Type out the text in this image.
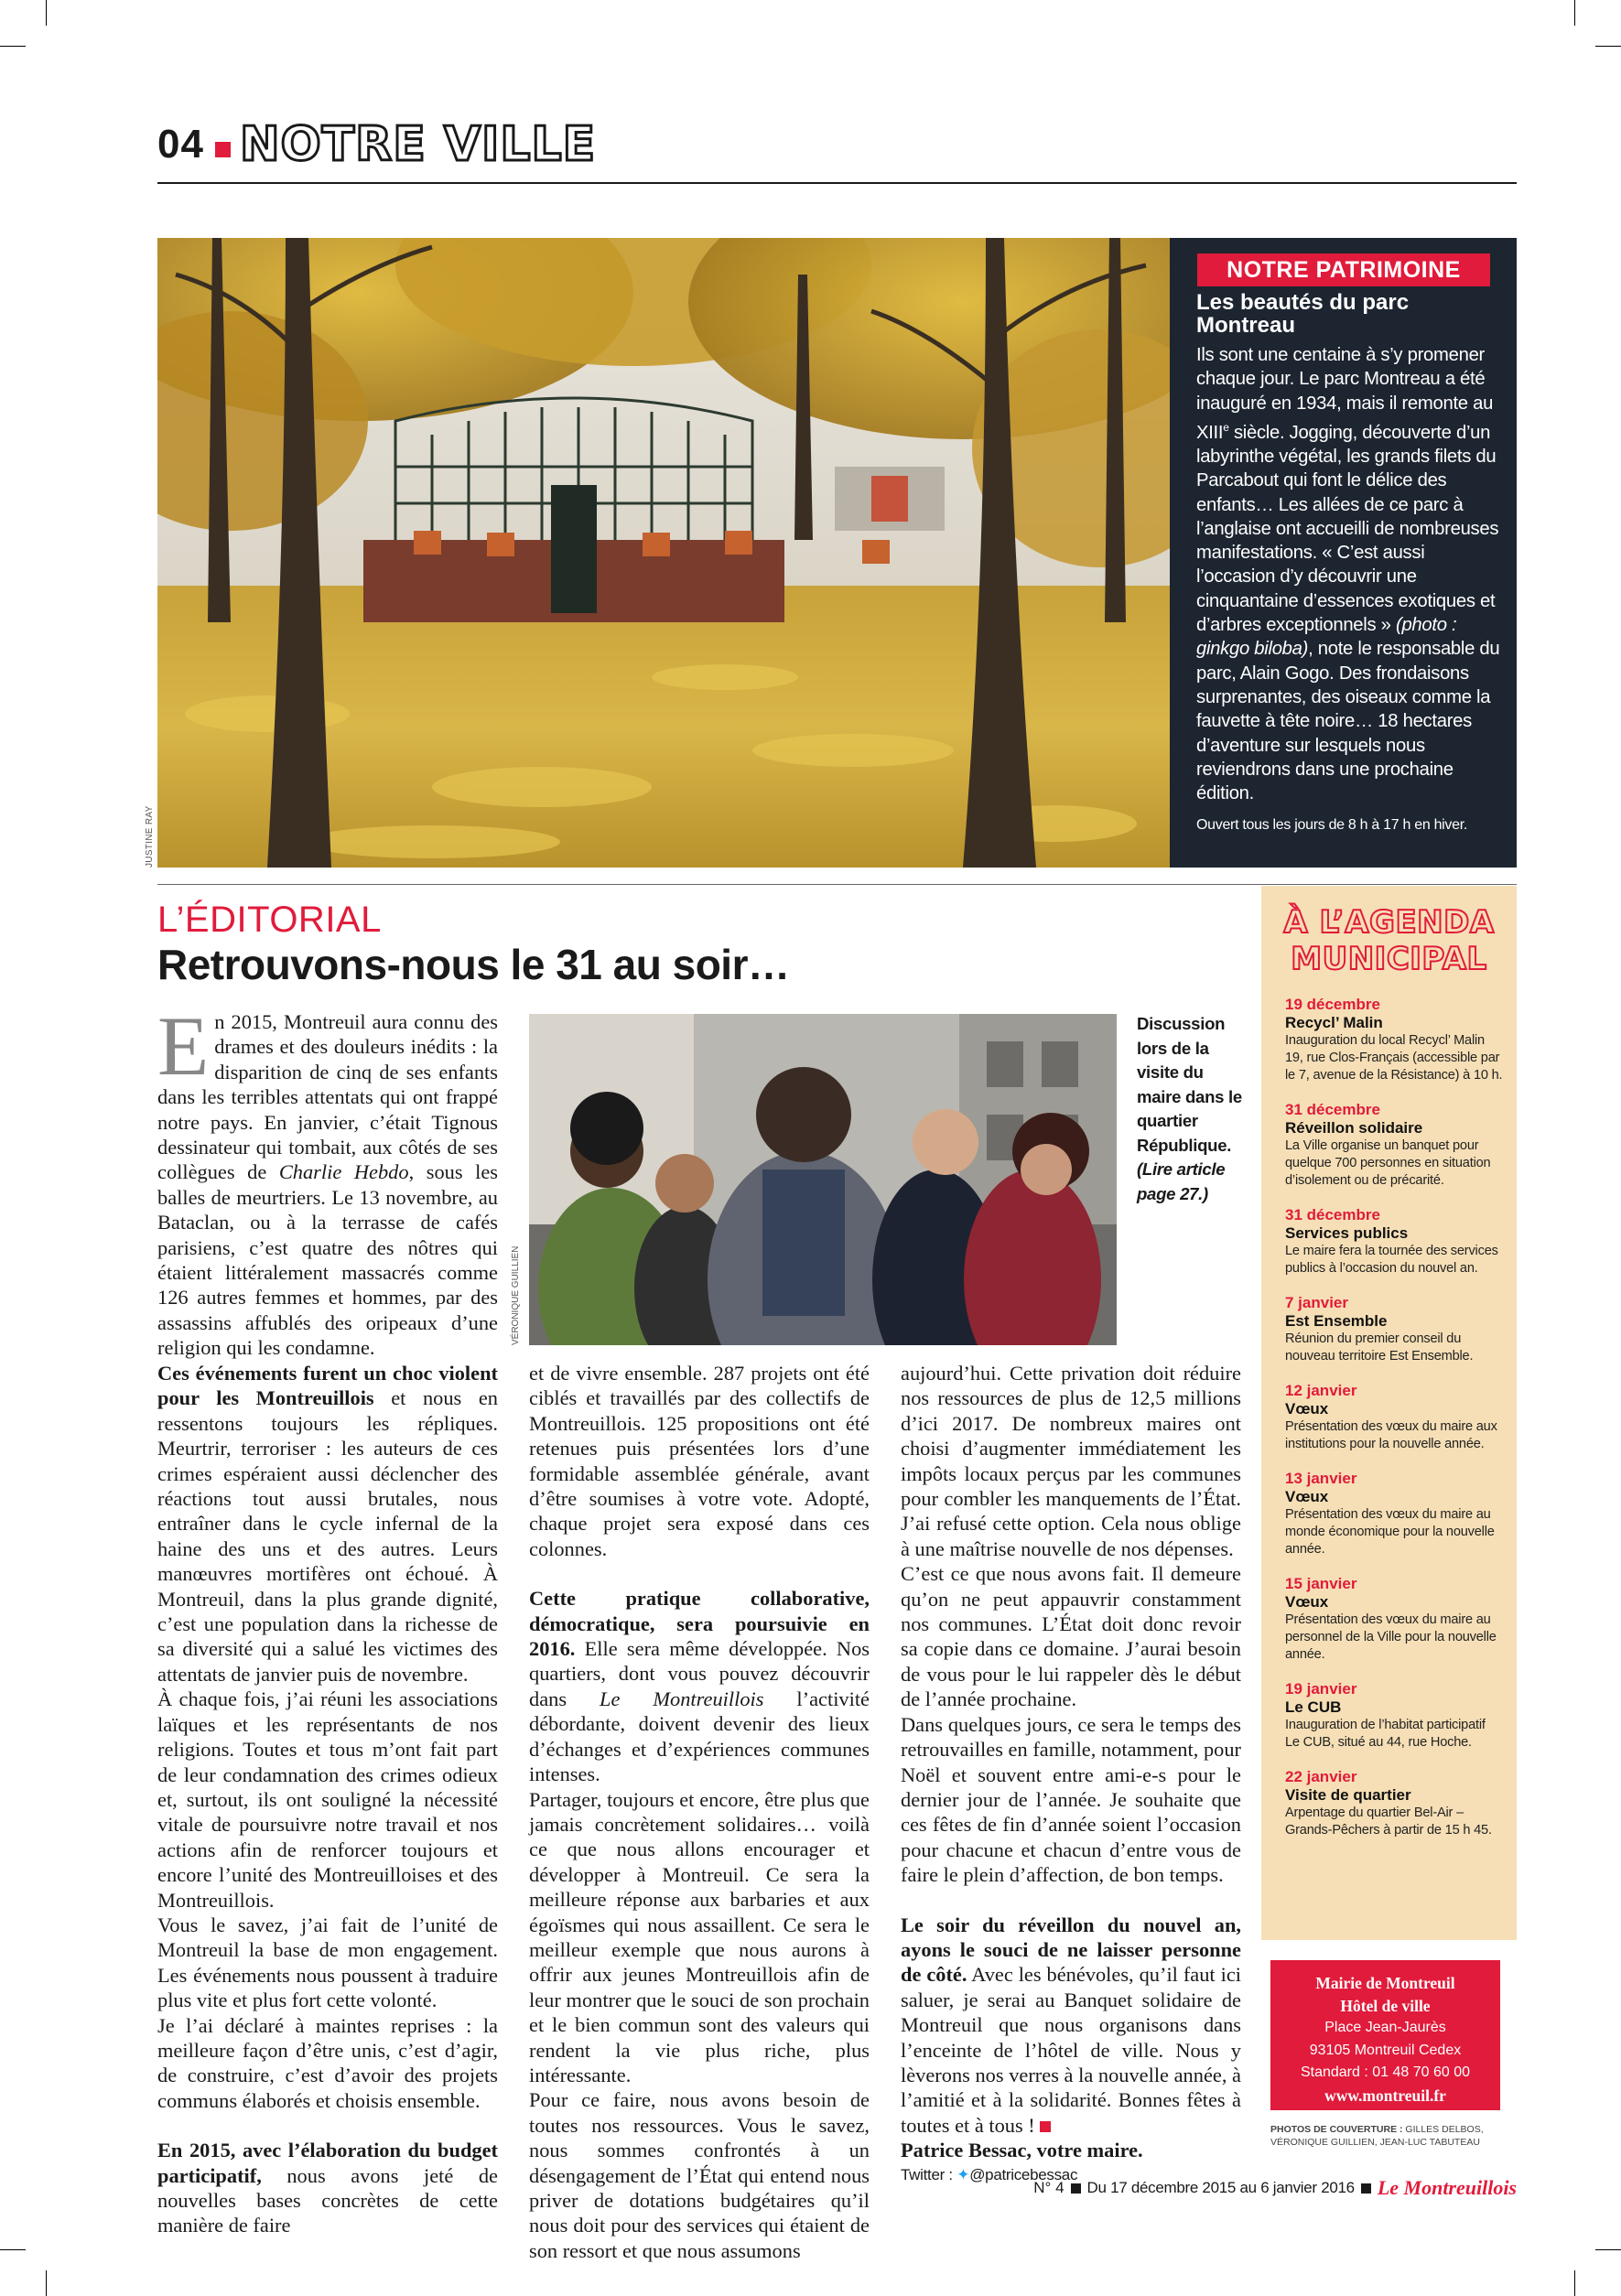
04 NOTRE VILLE
JUSTINE RAY
NOTRE PATRIMOINE
Les beautés du parc Montreau
Ils sont une centaine à s’y promener chaque jour. Le parc Montreau a été inauguré en 1934, mais il remonte au XIIIe siècle. Jogging, découverte d’un labyrinthe végétal, les grands filets du Parcabout qui font le délice des enfants… Les allées de ce parc à l’anglaise ont accueilli de nombreuses manifestations. « C’est aussi l’occasion d’y découvrir une cinquantaine d’essences exotiques et d’arbres exceptionnels » (photo : ginkgo biloba), note le responsable du parc, Alain Gogo. Des frondaisons surprenantes, des oiseaux comme la fauvette à tête noire… 18 hectares d’aventure sur lesquels nous reviendrons dans une prochaine édition.
Ouvert tous les jours de 8 h à 17 h en hiver.
L’ÉDITORIAL
Retrouvons-nous le 31 au soir…
VÉRONIQUE GUILLIEN
Discussion lors de la visite du maire dans le quartier République. (Lire article page 27.)

En 2015, Montreuil aura connu des drames et des douleurs inédits : la disparition de cinq de ses enfants dans les terribles attentats qui ont frappé notre pays. En janvier, c’était Tignous dessinateur qui tombait, aux côtés de ses collègues de Charlie Hebdo, sous les balles de meurtriers. Le 13 novembre, au Bataclan, ou à la terrasse de cafés parisiens, c’est quatre des nôtres qui étaient littéralement massacrés comme 126 autres femmes et hommes, par des assassins affublés des oripeaux d’une religion qui les condamne.

Ces événements furent un choc violent pour les Montreuillois et nous en ressentons toujours les répliques. Meurtrir, terroriser : les auteurs de ces crimes espéraient aussi déclencher des réactions tout aussi brutales, nous entraîner dans le cycle infernal de la haine des uns et des autres. Leurs manœuvres mortifères ont échoué. À Montreuil, dans la plus grande dignité, c’est une population dans la richesse de sa diversité qui a salué les victimes des attentats de janvier puis de novembre.

À chaque fois, j’ai réuni les associations laïques et les représentants de nos religions. Toutes et tous m’ont fait part de leur condamnation des crimes odieux et, surtout, ils ont souligné la nécessité vitale de poursuivre notre travail et nos actions afin de renforcer toujours et encore l’unité des Montreuilloises et des Montreuillois.

Vous le savez, j’ai fait de l’unité de Montreuil la base de mon engagement. Les événements nous poussent à traduire plus vite et plus fort cette volonté.

Je l’ai déclaré à maintes reprises : la meilleure façon d’être unis, c’est d’agir, de construire, c’est d’avoir des projets communs élaborés et choisis ensemble.

En 2015, avec l’élaboration du budget participatif, nous avons jeté de nouvelles bases concrètes de cette manière de faire

et de vivre ensemble. 287 projets ont été ciblés et travaillés par des collectifs de Montreuillois. 125 propositions ont été retenues puis présentées lors d’une formidable assemblée générale, avant d’être soumises à votre vote. Adopté, chaque projet sera exposé dans ces colonnes.

Cette pratique collaborative, démocratique, sera poursuivie en 2016. Elle sera même développée. Nos quartiers, dont vous pouvez découvrir dans Le Montreuillois l’activité débordante, doivent devenir des lieux d’échanges et d’expériences communes intenses.

Partager, toujours et encore, être plus que jamais concrètement solidaires… voilà ce que nous allons encourager et développer à Montreuil. Ce sera la meilleure réponse aux barbaries et aux égoïsmes qui nous assaillent. Ce sera le meilleur exemple que nous aurons à offrir aux jeunes Montreuillois afin de leur montrer que le souci de son prochain et le bien commun sont des valeurs qui rendent la vie plus riche, plus intéressante.

Pour ce faire, nous avons besoin de toutes nos ressources. Vous le savez, nous sommes confrontés à un désengagement de l’État qui entend nous priver de dotations budgétaires qu’il nous doit pour des services qui étaient de son ressort et que nous assumons

aujourd’hui. Cette privation doit réduire nos ressources de plus de 12,5 millions d’ici 2017. De nombreux maires ont choisi d’augmenter immédiatement les impôts locaux perçus par les communes pour combler les manquements de l’État. J’ai refusé cette option. Cela nous oblige à une maîtrise nouvelle de nos dépenses.

C’est ce que nous avons fait. Il demeure qu’on ne peut appauvrir constamment nos communes. L’État doit donc revoir sa copie dans ce domaine. J’aurai besoin de vous pour le lui rappeler dès le début de l’année prochaine.

Dans quelques jours, ce sera le temps des retrouvailles en famille, notamment, pour Noël et souvent entre ami-e-s pour le dernier jour de l’année. Je souhaite que ces fêtes de fin d’année soient l’occasion pour chacune et chacun d’entre vous de faire le plein d’affection, de bon temps.

Le soir du réveillon du nouvel an, ayons le souci de ne laisser personne de côté. Avec les bénévoles, qu’il faut ici saluer, je serai au Banquet solidaire de Montreuil que nous organisons dans l’enceinte de l’hôtel de ville. Nous y lèverons nos verres à la nouvelle année, à l’amitié et à la solidarité. Bonnes fêtes à toutes et à tous !

Patrice Bessac, votre maire.

Twitter : ✦@patricebessac

À L’AGENDA
MUNICIPAL
19 décembre
Recycl’ Malin
Inauguration du local Recycl’ Malin 19, rue Clos-Français (accessible par le 7, avenue de la Résistance) à 10 h.
31 décembre
Réveillon solidaire
La Ville organise un banquet pour quelque 700 personnes en situation d’isolement ou de précarité.
31 décembre
Services publics
Le maire fera la tournée des services publics à l’occasion du nouvel an.
7 janvier
Est Ensemble
Réunion du premier conseil du nouveau territoire Est Ensemble.
12 janvier
Vœux
Présentation des vœux du maire aux institutions pour la nouvelle année.
13 janvier
Vœux
Présentation des vœux du maire au monde économique pour la nouvelle année.
15 janvier
Vœux
Présentation des vœux du maire au personnel de la Ville pour la nouvelle année.
19 janvier
Le CUB
Inauguration de l’habitat participatif Le CUB, situé au 44, rue Hoche.
22 janvier
Visite de quartier
Arpentage du quartier Bel-Air – Grands-Pêchers à partir de 15 h 45.
Mairie de Montreuil
Hôtel de ville
Place Jean-Jaurès
93105 Montreuil Cedex
Standard : 01 48 70 60 00
www.montreuil.fr
PHOTOS DE COUVERTURE : GILLES DELBOS,
VÉRONIQUE GUILLIEN, JEAN-LUC TABUTEAU
N° 4 Du 17 décembre 2015 au 6 janvier 2016 Le Montreuillois
